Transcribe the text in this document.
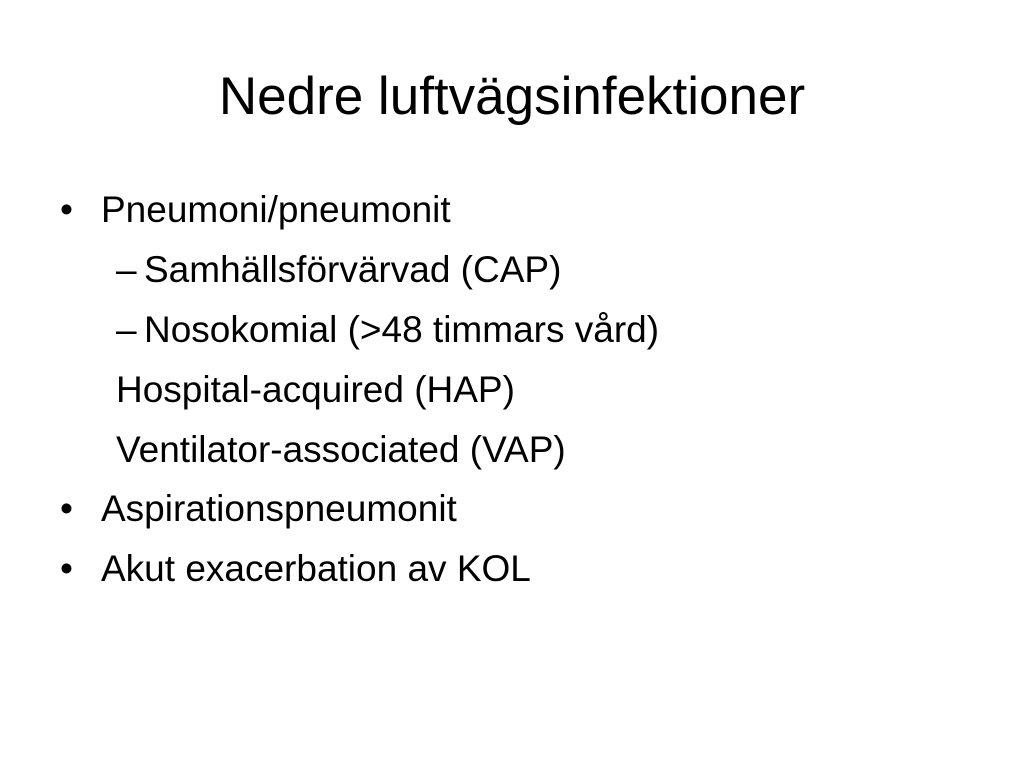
Nedre luftvägsinfektioner
• Pneumoni/pneumonit
– Samhällsförvärvad (CAP)
– Nosokomial (>48 timmars vård)
Hospital-acquired (HAP)
Ventilator-associated (VAP)
• Aspirationspneumonit
• Akut exacerbation av KOL
